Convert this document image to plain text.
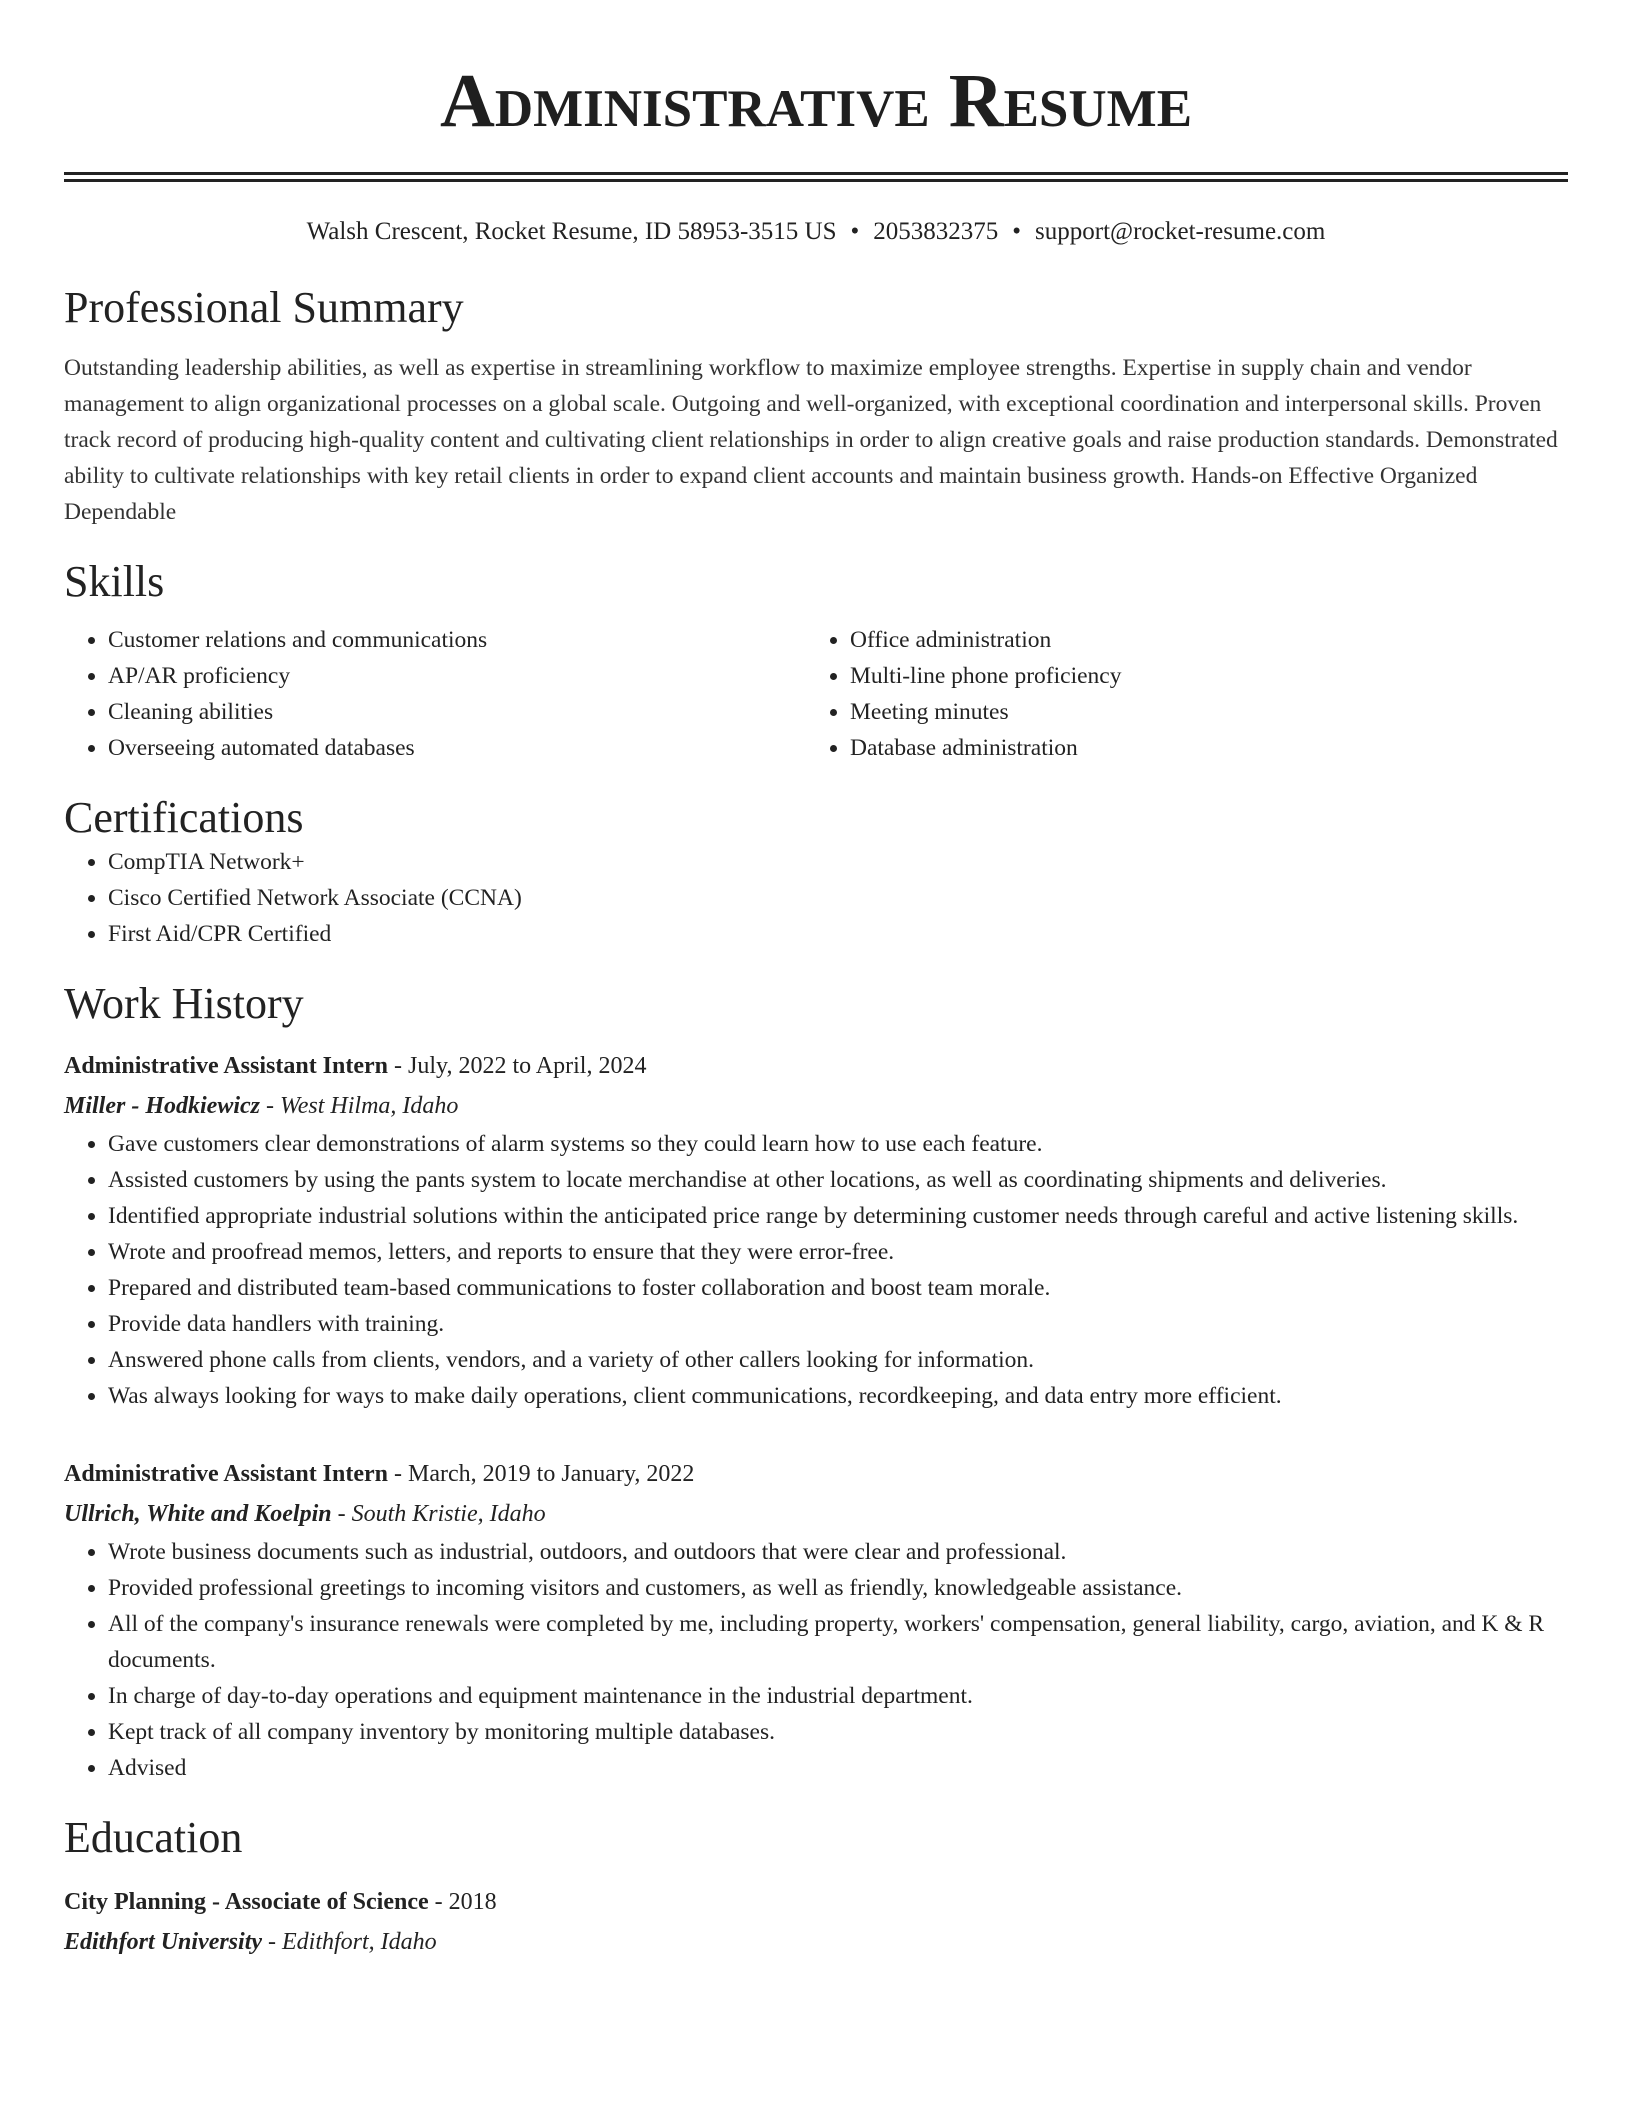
Administrative Resume
Walsh Crescent, Rocket Resume, ID 58953-3515 US • 2053832375 • support@rocket-resume.com
Professional Summary

Outstanding leadership abilities, as well as expertise in streamlining workflow to maximize employee strengths. Expertise in supply chain and vendor management to align organizational processes on a global scale. Outgoing and well-organized, with exceptional coordination and interpersonal skills. Proven track record of producing high-quality content and cultivating client relationships in order to align creative goals and raise production standards. Demonstrated ability to cultivate relationships with key retail clients in order to expand client accounts and maintain business growth. Hands-on Effective Organized Dependable

Skills
• Customer relations and communications
• AP/AR proficiency
• Cleaning abilities
• Overseeing automated databases
• Office administration
• Multi-line phone proficiency
• Meeting minutes
• Database administration
Certifications
• CompTIA Network+
• Cisco Certified Network Associate (CCNA)
• First Aid/CPR Certified
Work History
Administrative Assistant Intern - July, 2022 to April, 2024
Miller - Hodkiewicz - West Hilma, Idaho
• Gave customers clear demonstrations of alarm systems so they could learn how to use each feature.
• Assisted customers by using the pants system to locate merchandise at other locations, as well as coordinating shipments and deliveries.
• Identified appropriate industrial solutions within the anticipated price range by determining customer needs through careful and active listening skills.
• Wrote and proofread memos, letters, and reports to ensure that they were error-free.
• Prepared and distributed team-based communications to foster collaboration and boost team morale.
• Provide data handlers with training.
• Answered phone calls from clients, vendors, and a variety of other callers looking for information.
• Was always looking for ways to make daily operations, client communications, recordkeeping, and data entry more efficient.
Administrative Assistant Intern - March, 2019 to January, 2022
Ullrich, White and Koelpin - South Kristie, Idaho
• Wrote business documents such as industrial, outdoors, and outdoors that were clear and professional.
• Provided professional greetings to incoming visitors and customers, as well as friendly, knowledgeable assistance.
• All of the company's insurance renewals were completed by me, including property, workers' compensation, general liability, cargo, aviation, and K & R documents.
• In charge of day-to-day operations and equipment maintenance in the industrial department.
• Kept track of all company inventory by monitoring multiple databases.
• Advised
Education
City Planning - Associate of Science - 2018
Edithfort University - Edithfort, Idaho
